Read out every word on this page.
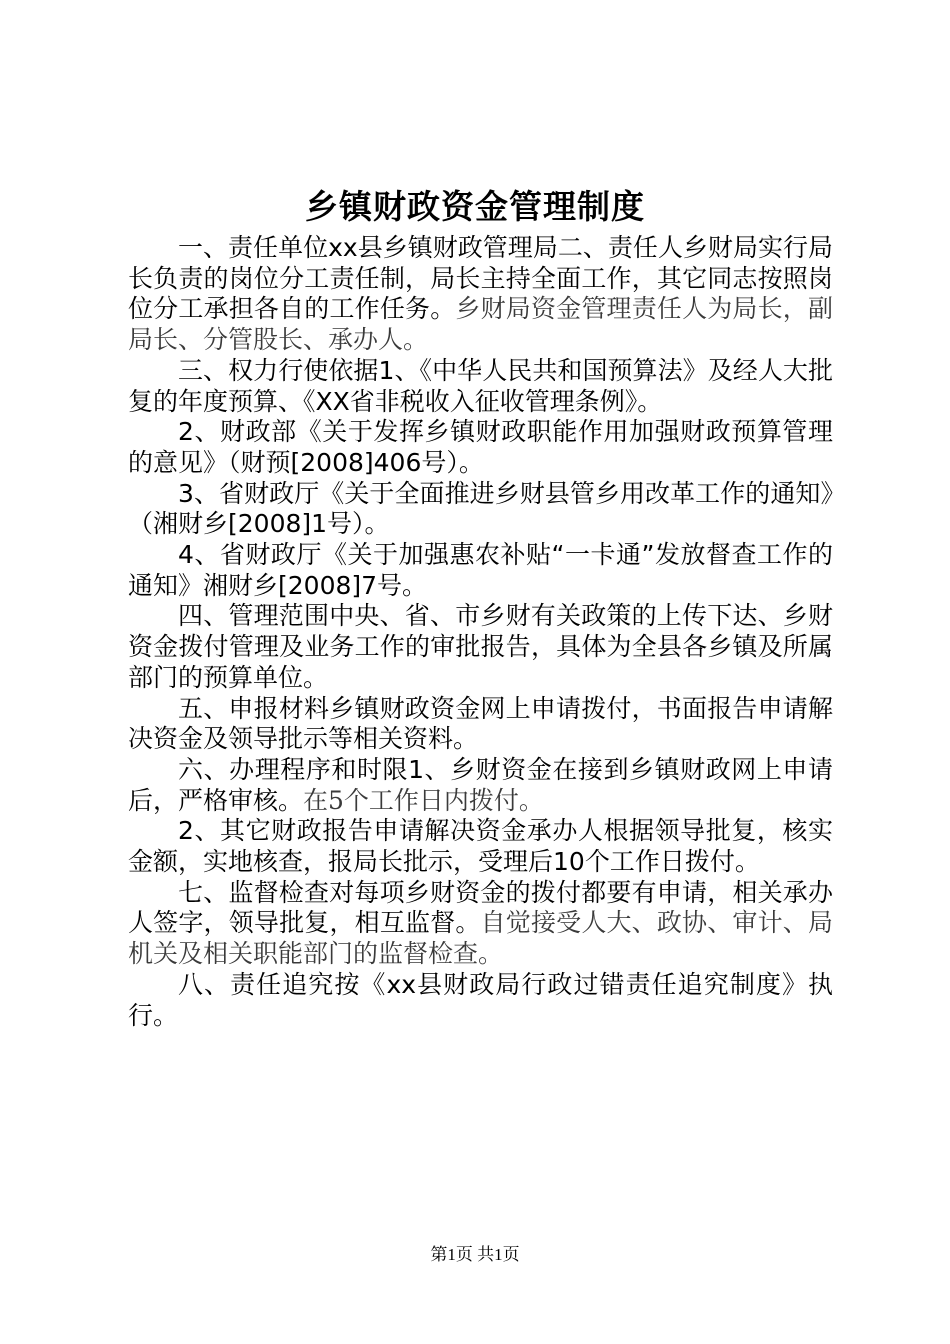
乡镇财政资金管理制度

一、责任单位xx县乡镇财政管理局二、责任人乡财局实行局长负责的岗位分工责任制，局长主持全面工作，其它同志按照岗位分工承担各自的工作任务。乡财局资金管理责任人为局长，副局长、分管股长、承办人。

三、权力行使依据1、《中华人民共和国预算法》及经人大批复的年度预算、《XX省非税收入征收管理条例》。

2、财政部《关于发挥乡镇财政职能作用加强财政预算管理的意见》（财预[2008]406号）。

3、省财政厅《关于全面推进乡财县管乡用改革工作的通知》（湘财乡[2008]1号）。

4、省财政厅《关于加强惠农补贴“一卡通”发放督查工作的通知》湘财乡[2008]7号。

四、管理范围中央、省、市乡财有关政策的上传下达、乡财资金拨付管理及业务工作的审批报告，具体为全县各乡镇及所属部门的预算单位。

五、申报材料乡镇财政资金网上申请拨付，书面报告申请解决资金及领导批示等相关资料。

六、办理程序和时限1、乡财资金在接到乡镇财政网上申请后，严格审核。在5个工作日内拨付。

2、其它财政报告申请解决资金承办人根据领导批复，核实金额，实地核查，报局长批示，受理后10个工作日拨付。

七、监督检查对每项乡财资金的拨付都要有申请，相关承办人签字，领导批复，相互监督。自觉接受人大、政协、审计、局机关及相关职能部门的监督检查。

八、责任追究按《xx县财政局行政过错责任追究制度》执行。

第1页 共1页
